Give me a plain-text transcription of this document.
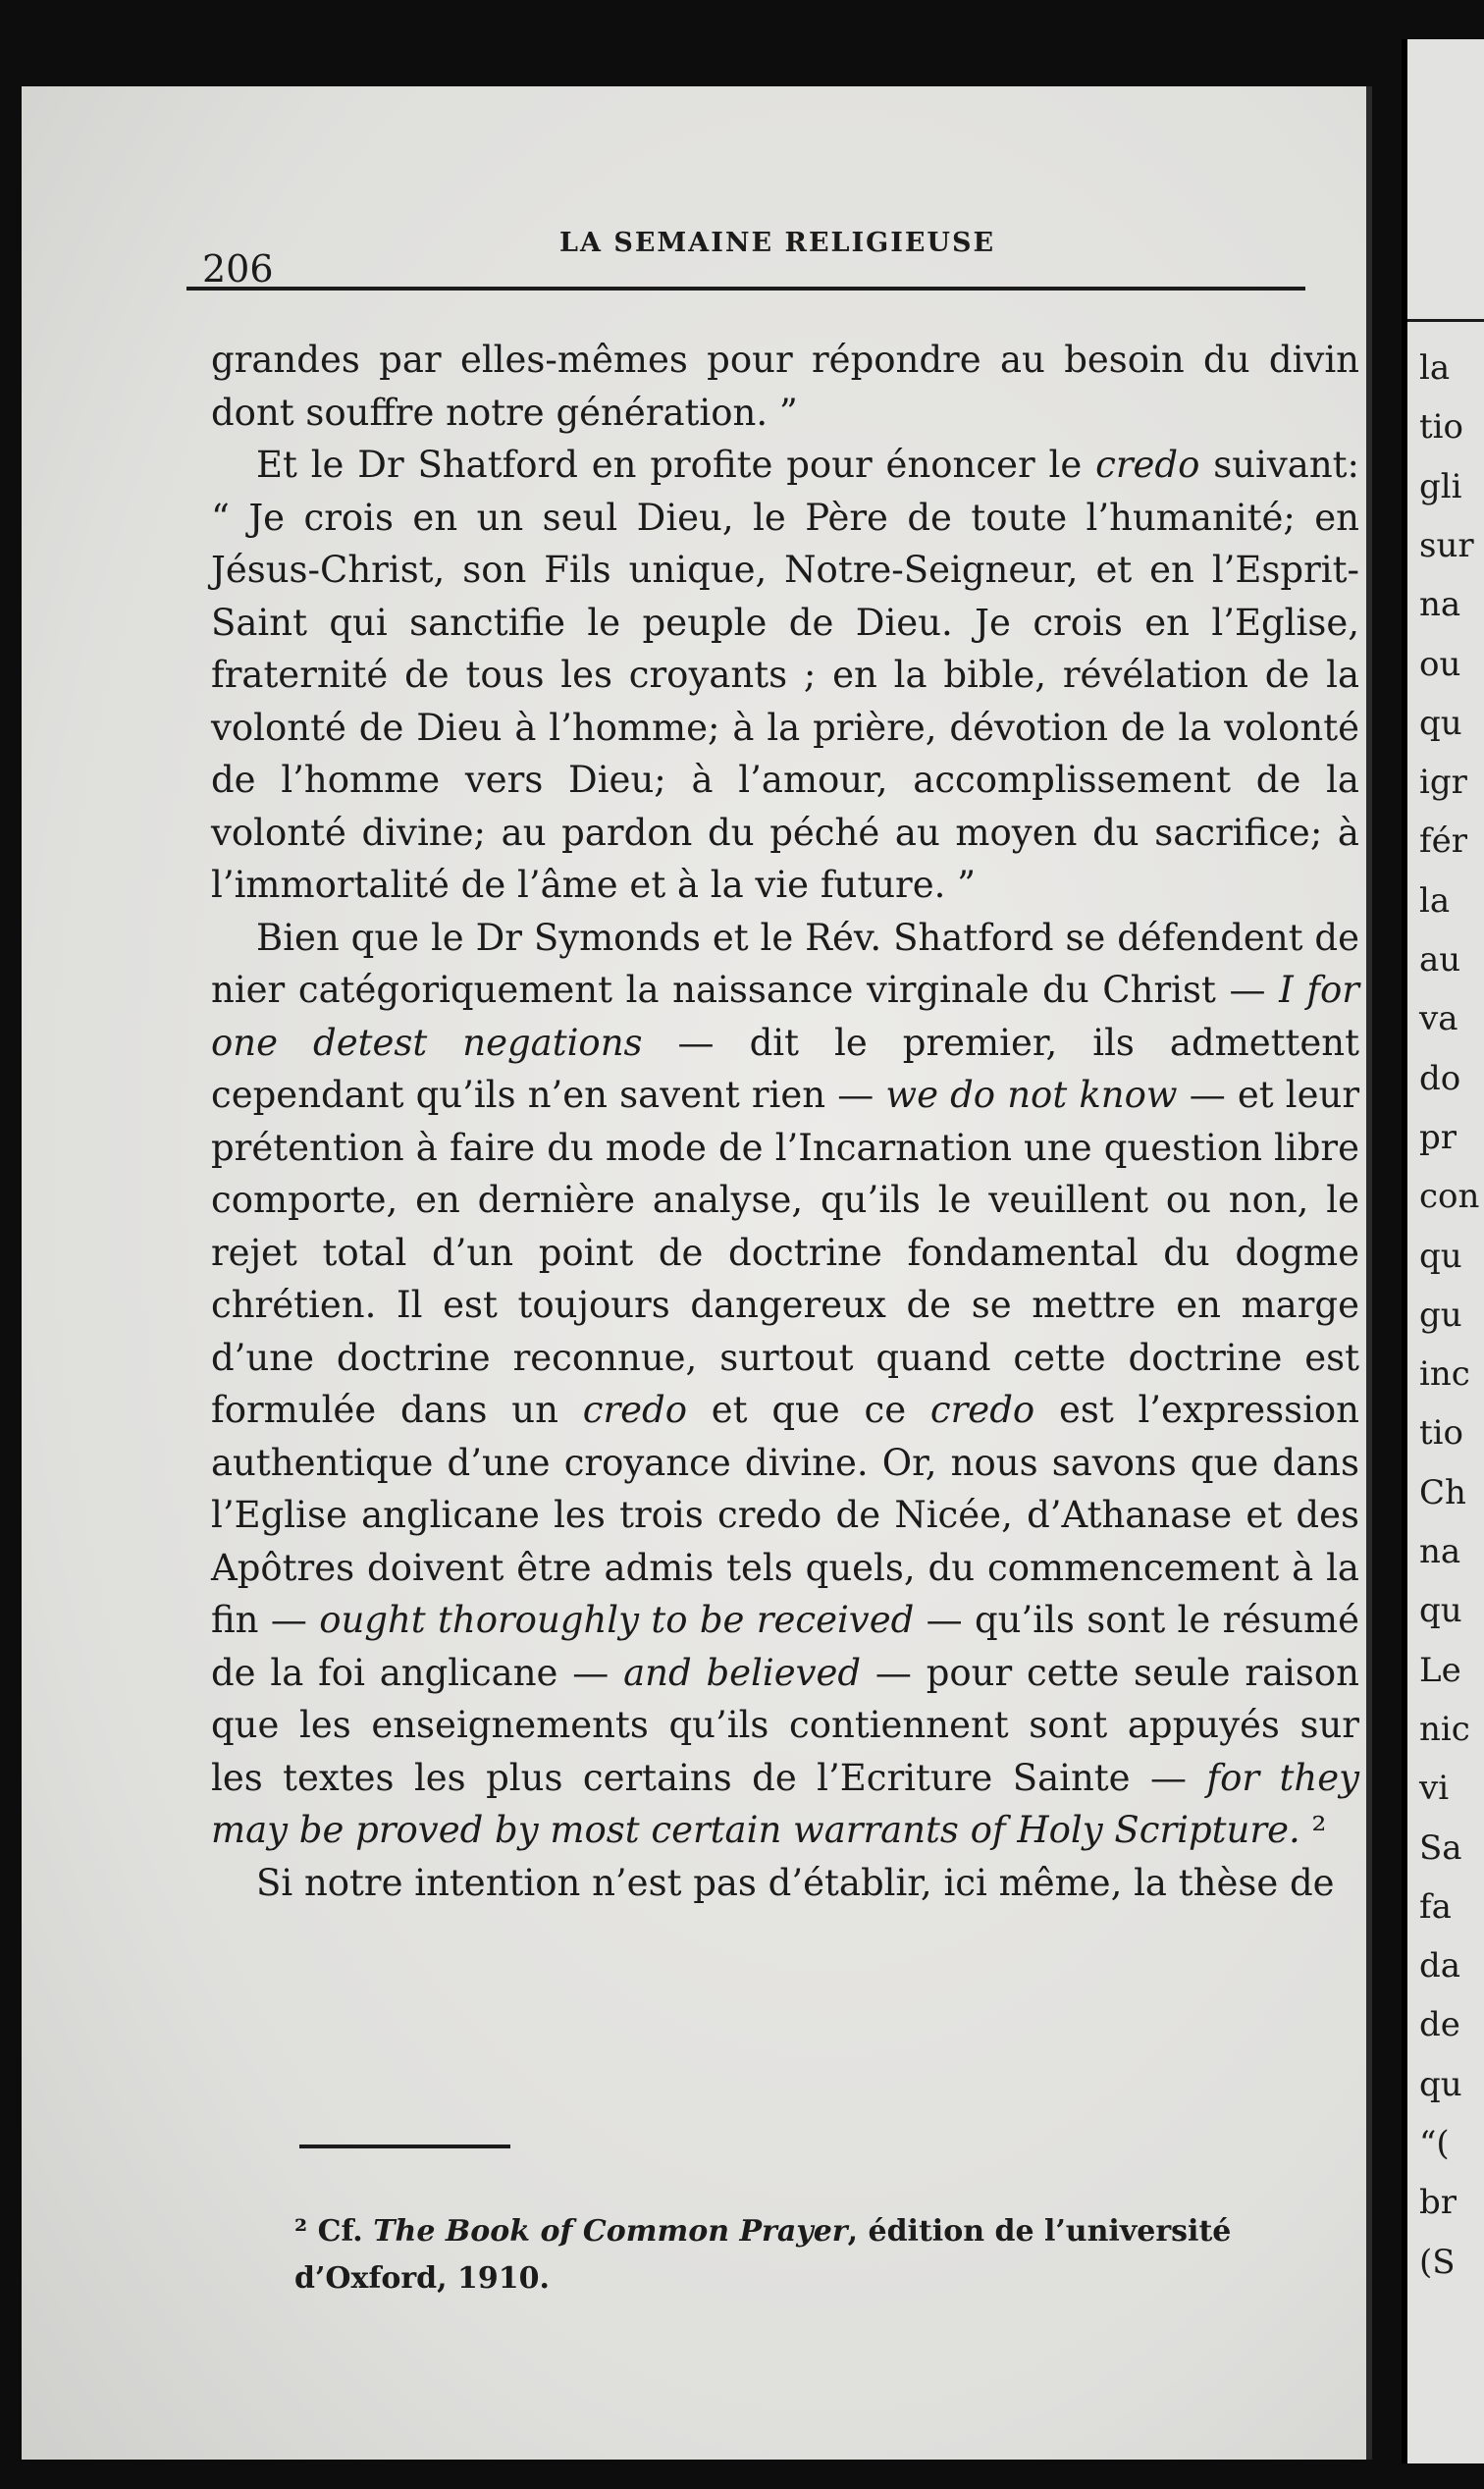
206
LA SEMAINE RELIGIEUSE

grandes par elles-mêmes pour répondre au besoin du divin dont souffre notre génération. ”

Et le Dr Shatford en profite pour énoncer le credo suivant: “ Je crois en un seul Dieu, le Père de toute l’humanité; en Jésus-Christ, son Fils unique, Notre-Seigneur, et en l’Esprit-Saint qui sanctifie le peuple de Dieu. Je crois en l’Eglise, fraternité de tous les croyants ; en la bible, révélation de la volonté de Dieu à l’homme; à la prière, dévotion de la volonté de l’homme vers Dieu; à l’amour, accomplissement de la volonté divine; au pardon du péché au moyen du sacrifice; à l’immortalité de l’âme et à la vie future. ”

Bien que le Dr Symonds et le Rév. Shatford se défendent de nier catégoriquement la naissance virginale du Christ — I for one detest negations — dit le premier, ils admettent cependant qu’ils n’en savent rien — we do not know — et leur prétention à faire du mode de l’Incarnation une question libre comporte, en dernière analyse, qu’ils le veuillent ou non, le rejet total d’un point de doctrine fondamental du dogme chrétien. Il est toujours dangereux de se mettre en marge d’une doctrine reconnue, surtout quand cette doctrine est formulée dans un credo et que ce credo est l’expression authentique d’une croyance divine. Or, nous savons que dans l’Eglise anglicane les trois credo de Nicée, d’Athanase et des Apôtres doivent être admis tels quels, du commencement à la fin — ought thoroughly to be received — qu’ils sont le résumé de la foi anglicane — and believed — pour cette seule raison que les enseignements qu’ils contiennent sont appuyés sur les textes les plus certains de l’Ecriture Sainte — for they may be proved by most certain warrants of Holy Scripture. ²

Si notre intention n’est pas d’établir, ici même, la thèse de

² Cf. The Book of Common Prayer, édition de l’université d’Oxford, 1910.

la
tio
gli
sur
na
ou
qu
igr
fér
la
au
va
do
pr
con
qu
gu
inc
tio
Ch
na
qu
Le
nic
vi
Sa
fa
da
de
qu
“(
br
(S
